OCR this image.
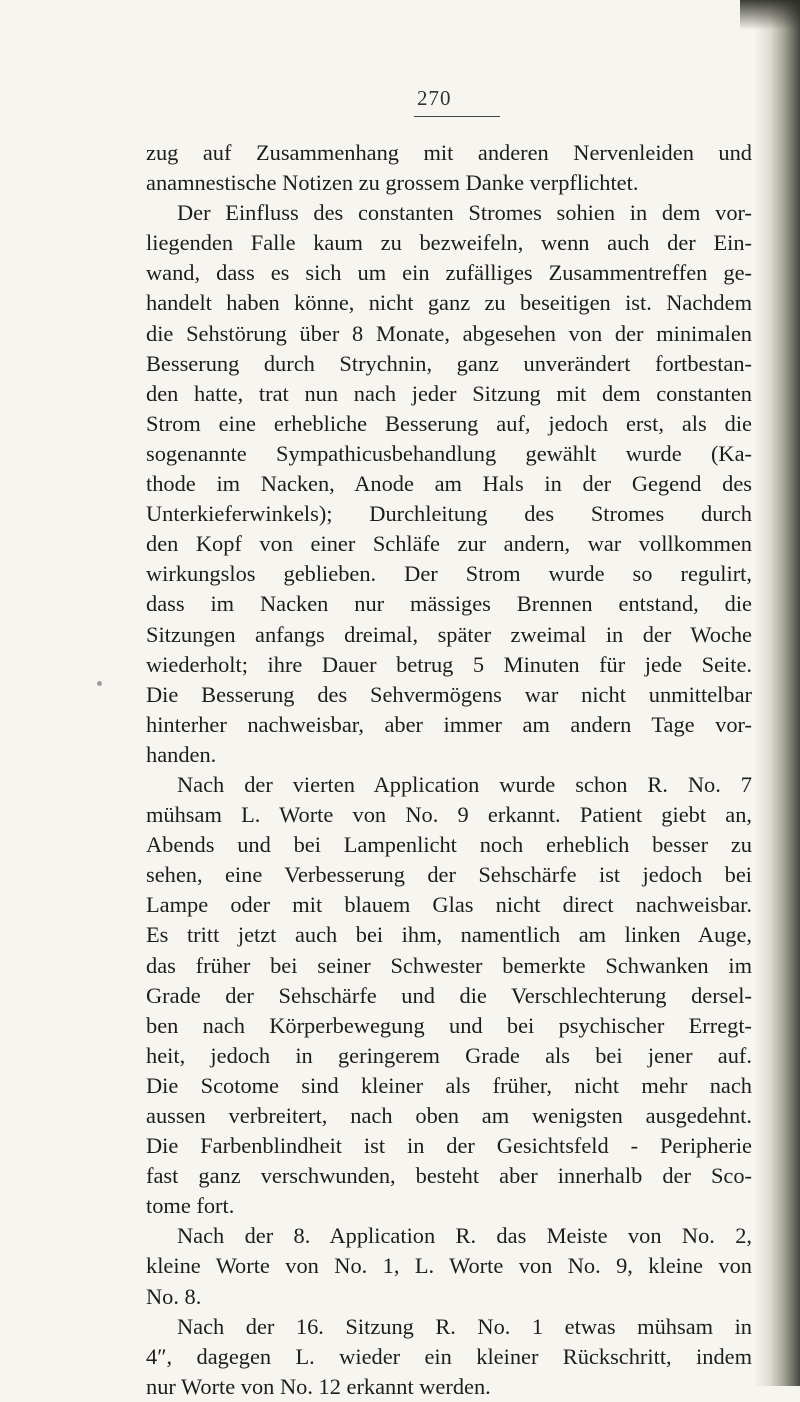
270
zug auf Zusammenhang mit anderen Nervenleiden und
anamnestische Notizen zu grossem Danke verpflichtet.
Der Einfluss des constanten Stromes sohien in dem vor-
liegenden Falle kaum zu bezweifeln, wenn auch der Ein-
wand, dass es sich um ein zufälliges Zusammentreffen ge-
handelt haben könne, nicht ganz zu beseitigen ist. Nachdem
die Sehstörung über 8 Monate, abgesehen von der minimalen
Besserung durch Strychnin, ganz unverändert fortbestan-
den hatte, trat nun nach jeder Sitzung mit dem constanten
Strom eine erhebliche Besserung auf, jedoch erst, als die
sogenannte Sympathicusbehandlung gewählt wurde (Ka-
thode im Nacken, Anode am Hals in der Gegend des
Unterkieferwinkels); Durchleitung des Stromes durch
den Kopf von einer Schläfe zur andern, war vollkommen
wirkungslos geblieben. Der Strom wurde so regulirt,
dass im Nacken nur mässiges Brennen entstand, die
Sitzungen anfangs dreimal, später zweimal in der Woche
wiederholt; ihre Dauer betrug 5 Minuten für jede Seite.
Die Besserung des Sehvermögens war nicht unmittelbar
hinterher nachweisbar, aber immer am andern Tage vor-
handen.
Nach der vierten Application wurde schon R. No. 7
mühsam L. Worte von No. 9 erkannt. Patient giebt an,
Abends und bei Lampenlicht noch erheblich besser zu
sehen, eine Verbesserung der Sehschärfe ist jedoch bei
Lampe oder mit blauem Glas nicht direct nachweisbar.
Es tritt jetzt auch bei ihm, namentlich am linken Auge,
das früher bei seiner Schwester bemerkte Schwanken im
Grade der Sehschärfe und die Verschlechterung dersel-
ben nach Körperbewegung und bei psychischer Erregt-
heit, jedoch in geringerem Grade als bei jener auf.
Die Scotome sind kleiner als früher, nicht mehr nach
aussen verbreitert, nach oben am wenigsten ausgedehnt.
Die Farbenblindheit ist in der Gesichtsfeld - Peripherie
fast ganz verschwunden, besteht aber innerhalb der Sco-
tome fort.
Nach der 8. Application R. das Meiste von No. 2,
kleine Worte von No. 1, L. Worte von No. 9, kleine von
No. 8.
Nach der 16. Sitzung R. No. 1 etwas mühsam in
4″, dagegen L. wieder ein kleiner Rückschritt, indem
nur Worte von No. 12 erkannt werden.
